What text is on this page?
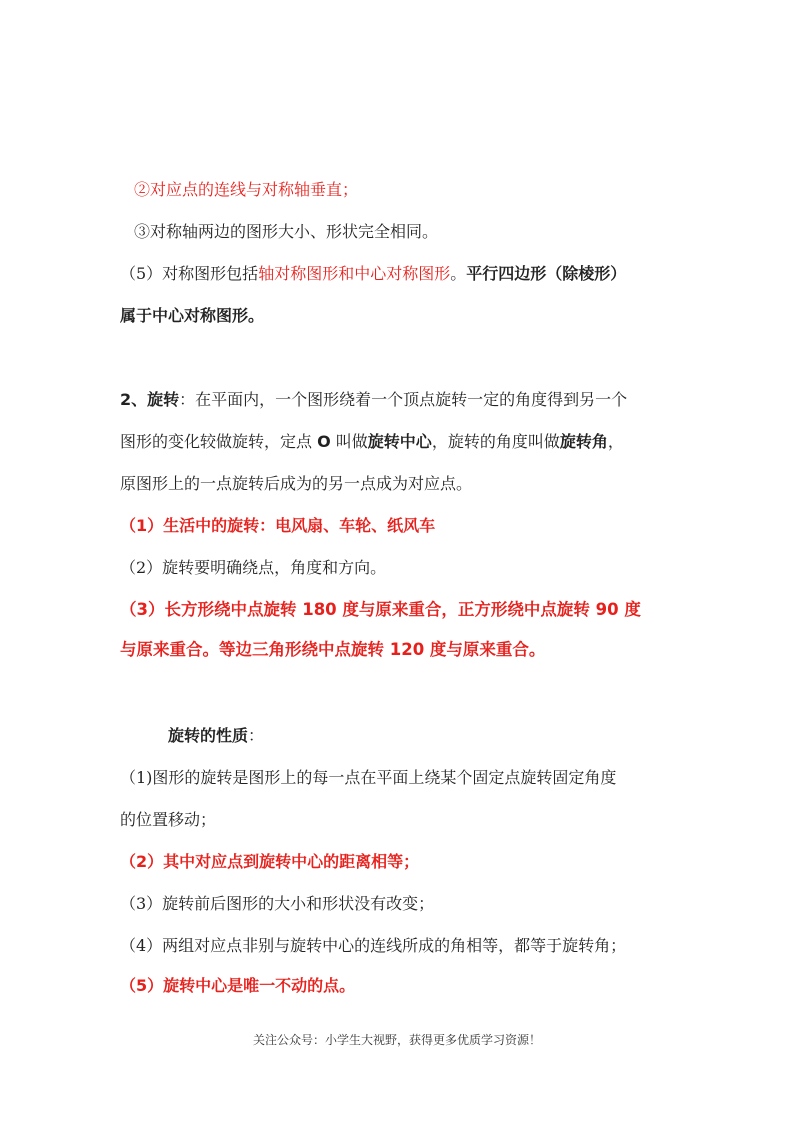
②对应点的连线与对称轴垂直；
③对称轴两边的图形大小、形状完全相同。
（5）对称图形包括轴对称图形和中心对称图形。平行四边形（除棱形）
属于中心对称图形。
2、旋转：在平面内，一个图形绕着一个顶点旋转一定的角度得到另一个
图形的变化较做旋转，定点 O 叫做旋转中心，旋转的角度叫做旋转角，
原图形上的一点旋转后成为的另一点成为对应点。
（1）生活中的旋转：电风扇、车轮、纸风车
（2）旋转要明确绕点，角度和方向。
（3）长方形绕中点旋转 180 度与原来重合，正方形绕中点旋转 90 度
与原来重合。等边三角形绕中点旋转 120 度与原来重合。
旋转的性质：
（1)图形的旋转是图形上的每一点在平面上绕某个固定点旋转固定角度
的位置移动；
（2）其中对应点到旋转中心的距离相等；
（3）旋转前后图形的大小和形状没有改变；
（4）两组对应点非别与旋转中心的连线所成的角相等，都等于旋转角；
（5）旋转中心是唯一不动的点。
关注公众号：小学生大视野，获得更多优质学习资源！
